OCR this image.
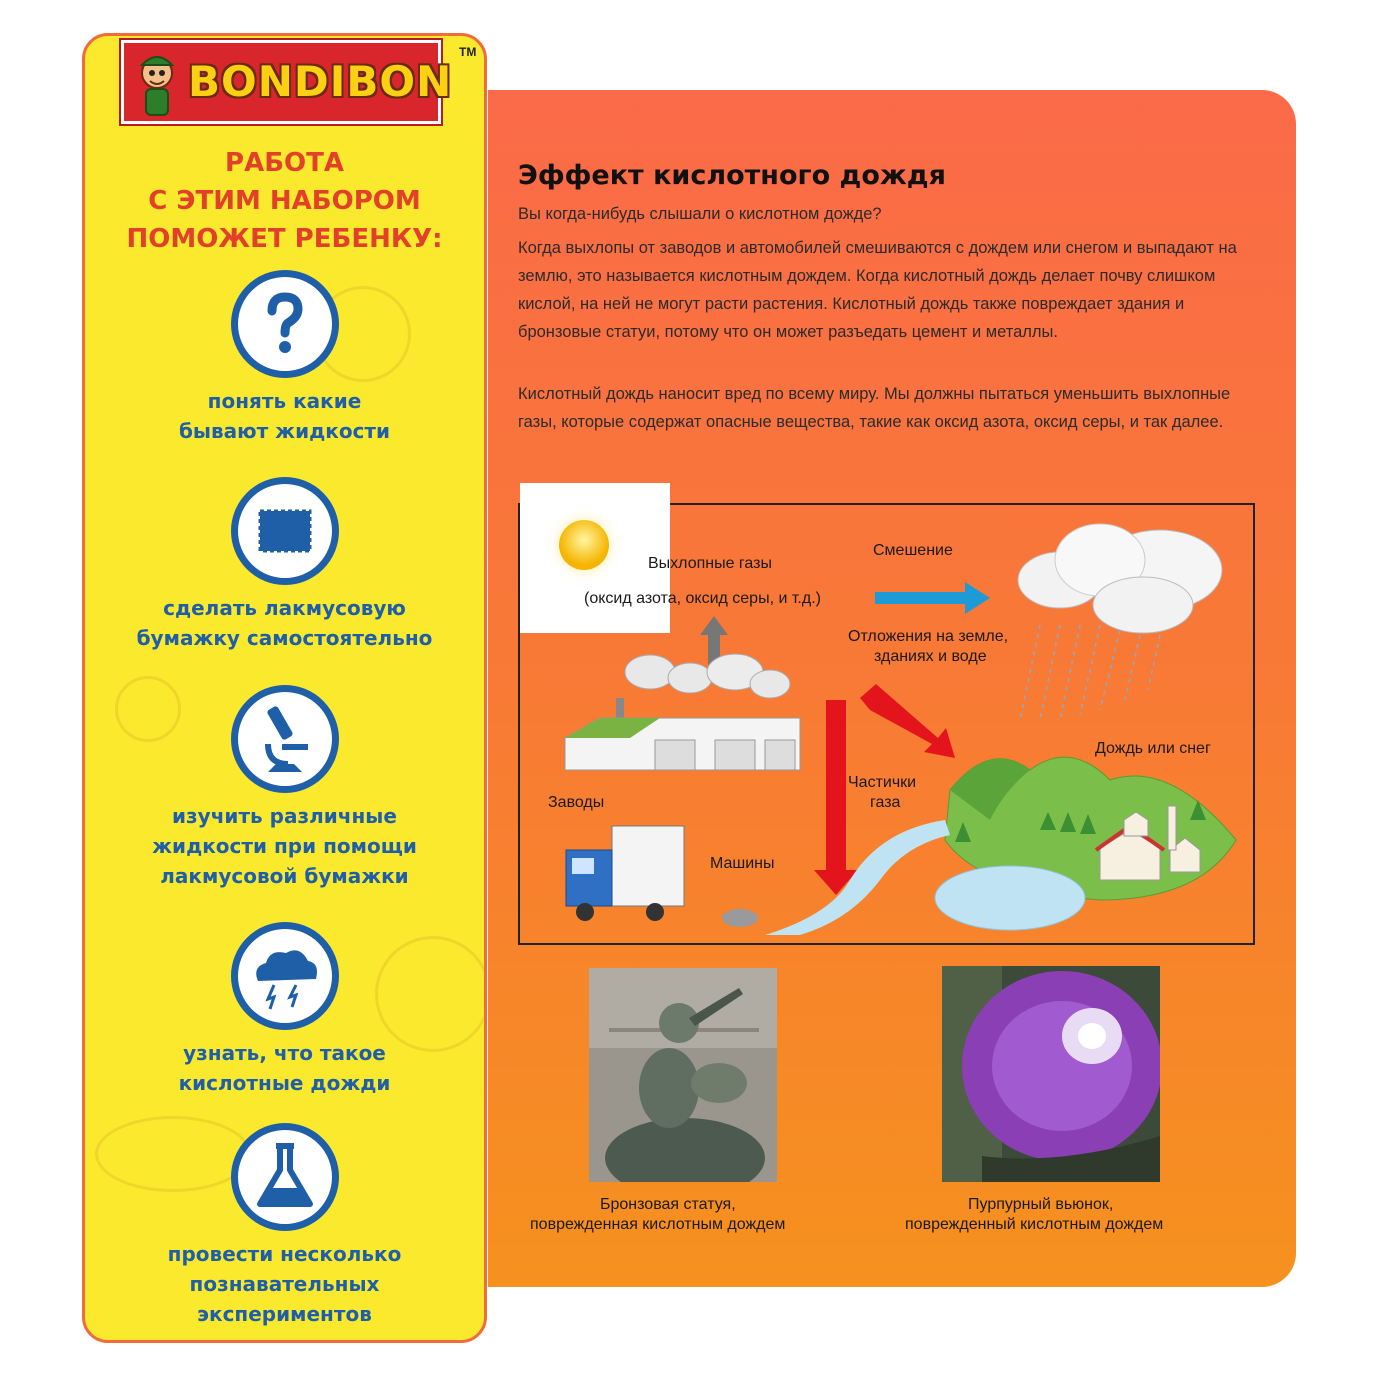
BONDIBON
TM
РАБОТА
С ЭТИМ НАБОРОМ
ПОМОЖЕТ РЕБЕНКУ:
понять какие
бывают жидкости
сделать лакмусовую
бумажку самостоятельно
изучить различные
жидкости при помощи
лакмусовой бумажки
узнать, что такое
кислотные дожди
провести несколько
познавательных
экспериментов
Эффект кислотного дождя
Вы когда-нибудь слышали о кислотном дожде?
Когда выхлопы от заводов и автомобилей смешиваются с дождем или снегом и выпадают на землю, это называется кислотным дождем. Когда кислотный дождь делает почву слишком кислой, на ней не могут расти растения. Кислотный дождь также повреждает здания и бронзовые статуи, потому что он может разъедать цемент и металлы.
Кислотный дождь наносит вред по всему миру. Мы должны пытаться уменьшить выхлопные газы, которые содержат опасные вещества, такие как оксид азота, оксид серы, и так далее.
Выхлопные газы
(оксид азота, оксид серы, и т.д.)
Смешение
Отложения на земле,
зданиях и воде
Дождь или снег
Частички
газа
Заводы
Машины
Бронзовая статуя,
поврежденная кислотным дождем
Пурпурный вьюнок,
поврежденный кислотным дождем
